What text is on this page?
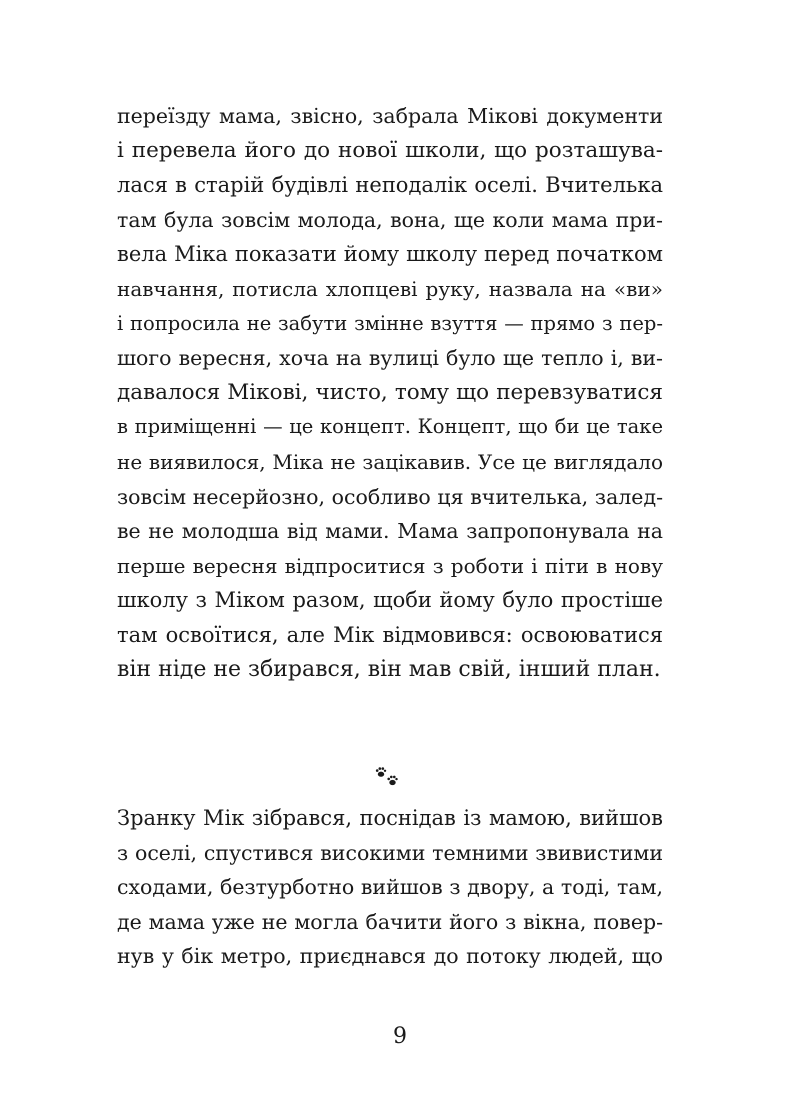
переїзду мама, звісно, забрала Мікові документи
і перевела його до нової школи, що розташува-
лася в старій будівлі неподалік оселі. Вчителька
там була зовсім молода, вона, ще коли мама при-
вела Міка показати йому школу перед початком
навчання, потисла хлопцеві руку, назвала на «ви»
і попросила не забути змінне взуття — прямо з пер-
шого вересня, хоча на вулиці було ще тепло і, ви-
давалося Мікові, чисто, тому що перевзуватися
в приміщенні — це концепт. Концепт, що би це таке
не виявилося, Міка не зацікавив. Усе це виглядало
зовсім несерйозно, особливо ця вчителька, залед-
ве не молодша від мами. Мама запропонувала на
перше вересня відпроситися з роботи і піти в нову
школу з Міком разом, щоби йому було простіше
там освоїтися, але Мік відмовився: освоюватися
він ніде не збирався, він мав свій, інший план.
Зранку Мік зібрався, поснідав із мамою, вийшов
з оселі, спустився високими темними звивистими
сходами, безтурботно вийшов з двору, а тоді, там,
де мама уже не могла бачити його з вікна, повер-
нув у бік метро, приєднався до потоку людей, що
9
